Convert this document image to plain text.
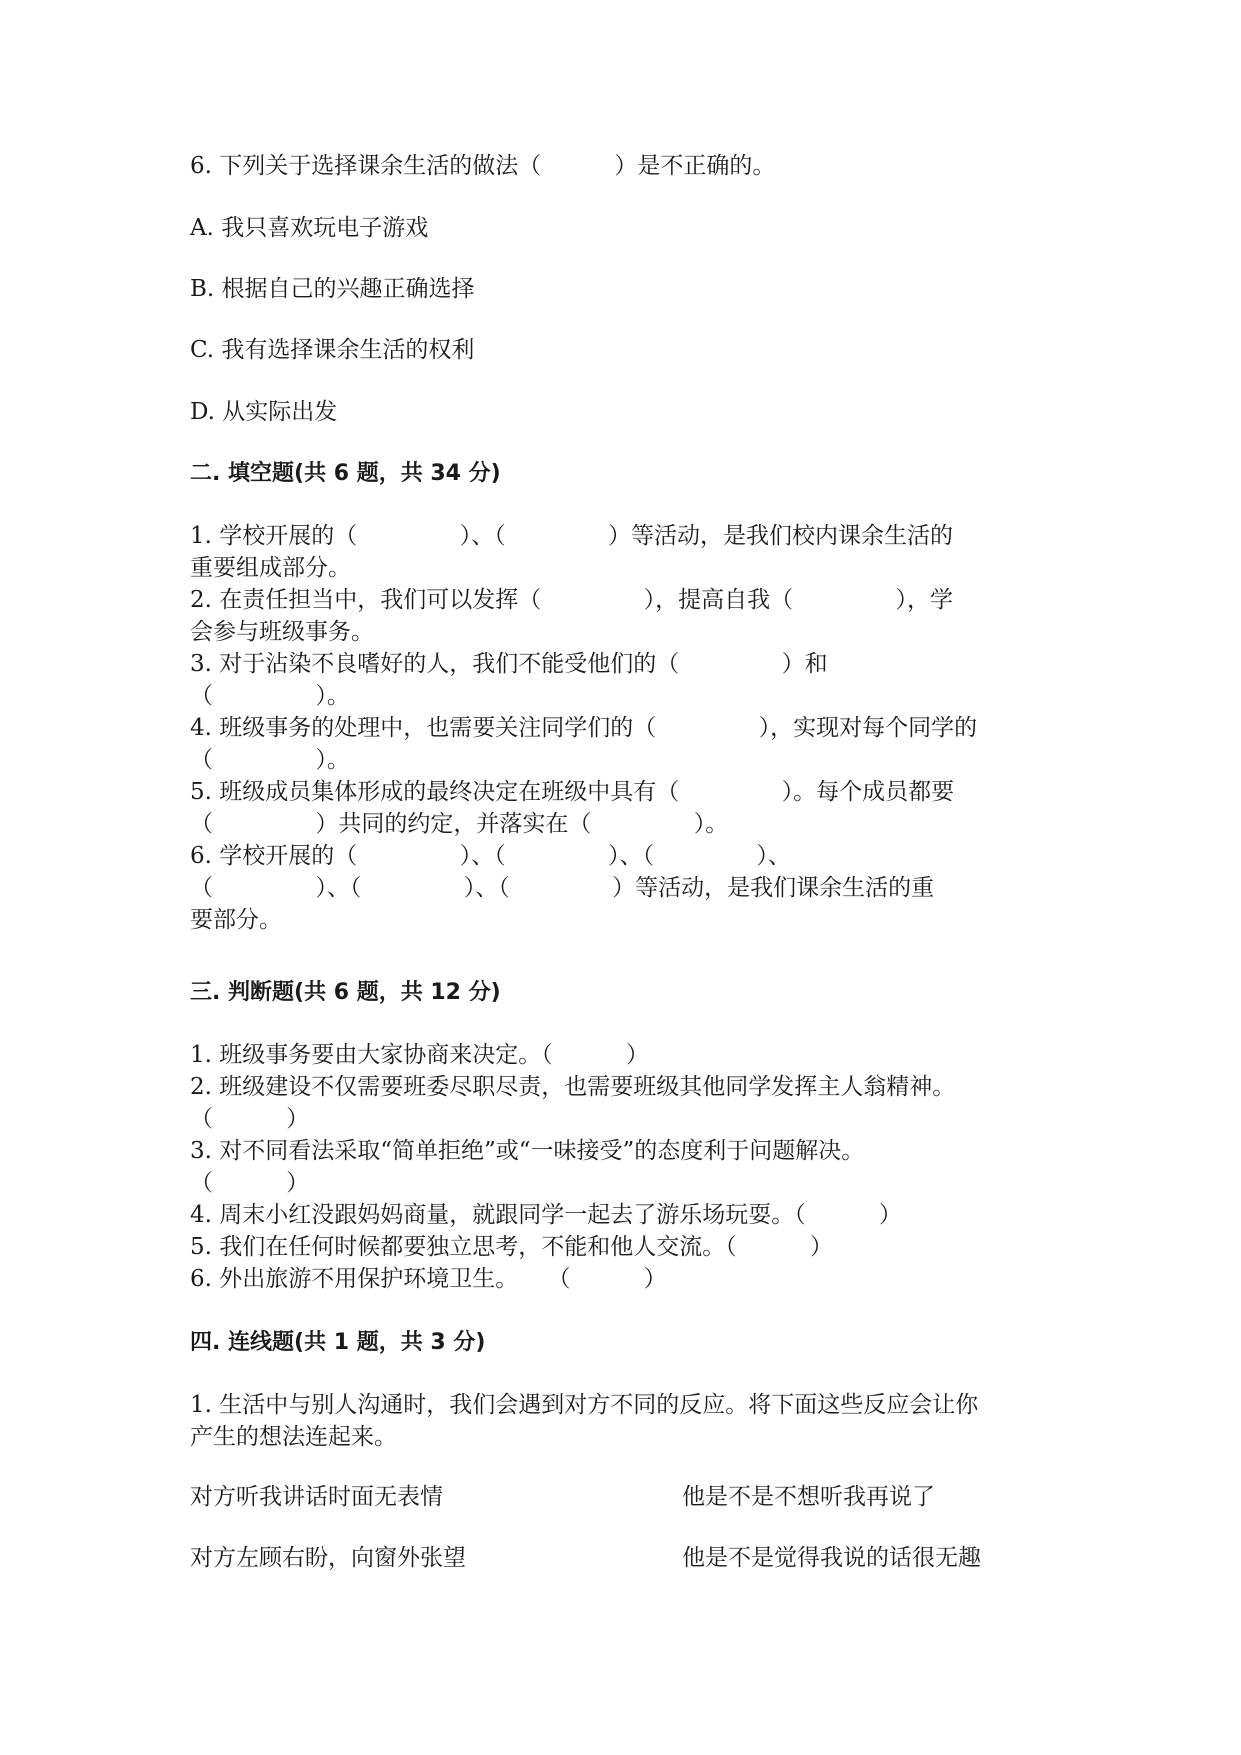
6. 下列关于选择课余生活的做法（          ）是不正确的。

A. 我只喜欢玩电子游戏

B. 根据自己的兴趣正确选择

C. 我有选择课余生活的权利

D. 从实际出发

二. 填空题(共 6 题，共 34 分)

1. 学校开展的（              ）、（              ）等活动，是我们校内课余生活的

重要组成部分。

2. 在责任担当中，我们可以发挥（              ），提高自我（              ），学

会参与班级事务。

3. 对于沾染不良嗜好的人，我们不能受他们的（              ）和

（              ）。

4. 班级事务的处理中，也需要关注同学们的（              ），实现对每个同学的

（              ）。

5. 班级成员集体形成的最终决定在班级中具有（              ）。每个成员都要

（              ）共同的约定，并落实在（              ）。

6. 学校开展的（              ）、（              ）、（              ）、

（              ）、（              ）、（              ）等活动，是我们课余生活的重

要部分。

三. 判断题(共 6 题，共 12 分)

1. 班级事务要由大家协商来决定。（          ）

2. 班级建设不仅需要班委尽职尽责，也需要班级其他同学发挥主人翁精神。

（          ）

3. 对不同看法采取“简单拒绝”或“一味接受”的态度利于问题解决。

（          ）

4. 周末小红没跟妈妈商量，就跟同学一起去了游乐场玩耍。（          ）

5. 我们在任何时候都要独立思考，不能和他人交流。（          ）

6. 外出旅游不用保护环境卫生。    （          ）

四. 连线题(共 1 题，共 3 分)

1. 生活中与别人沟通时，我们会遇到对方不同的反应。将下面这些反应会让你

产生的想法连起来。

对方听我讲话时面无表情	他是不是不想听我再说了

对方左顾右盼，向窗外张望	他是不是觉得我说的话很无趣
